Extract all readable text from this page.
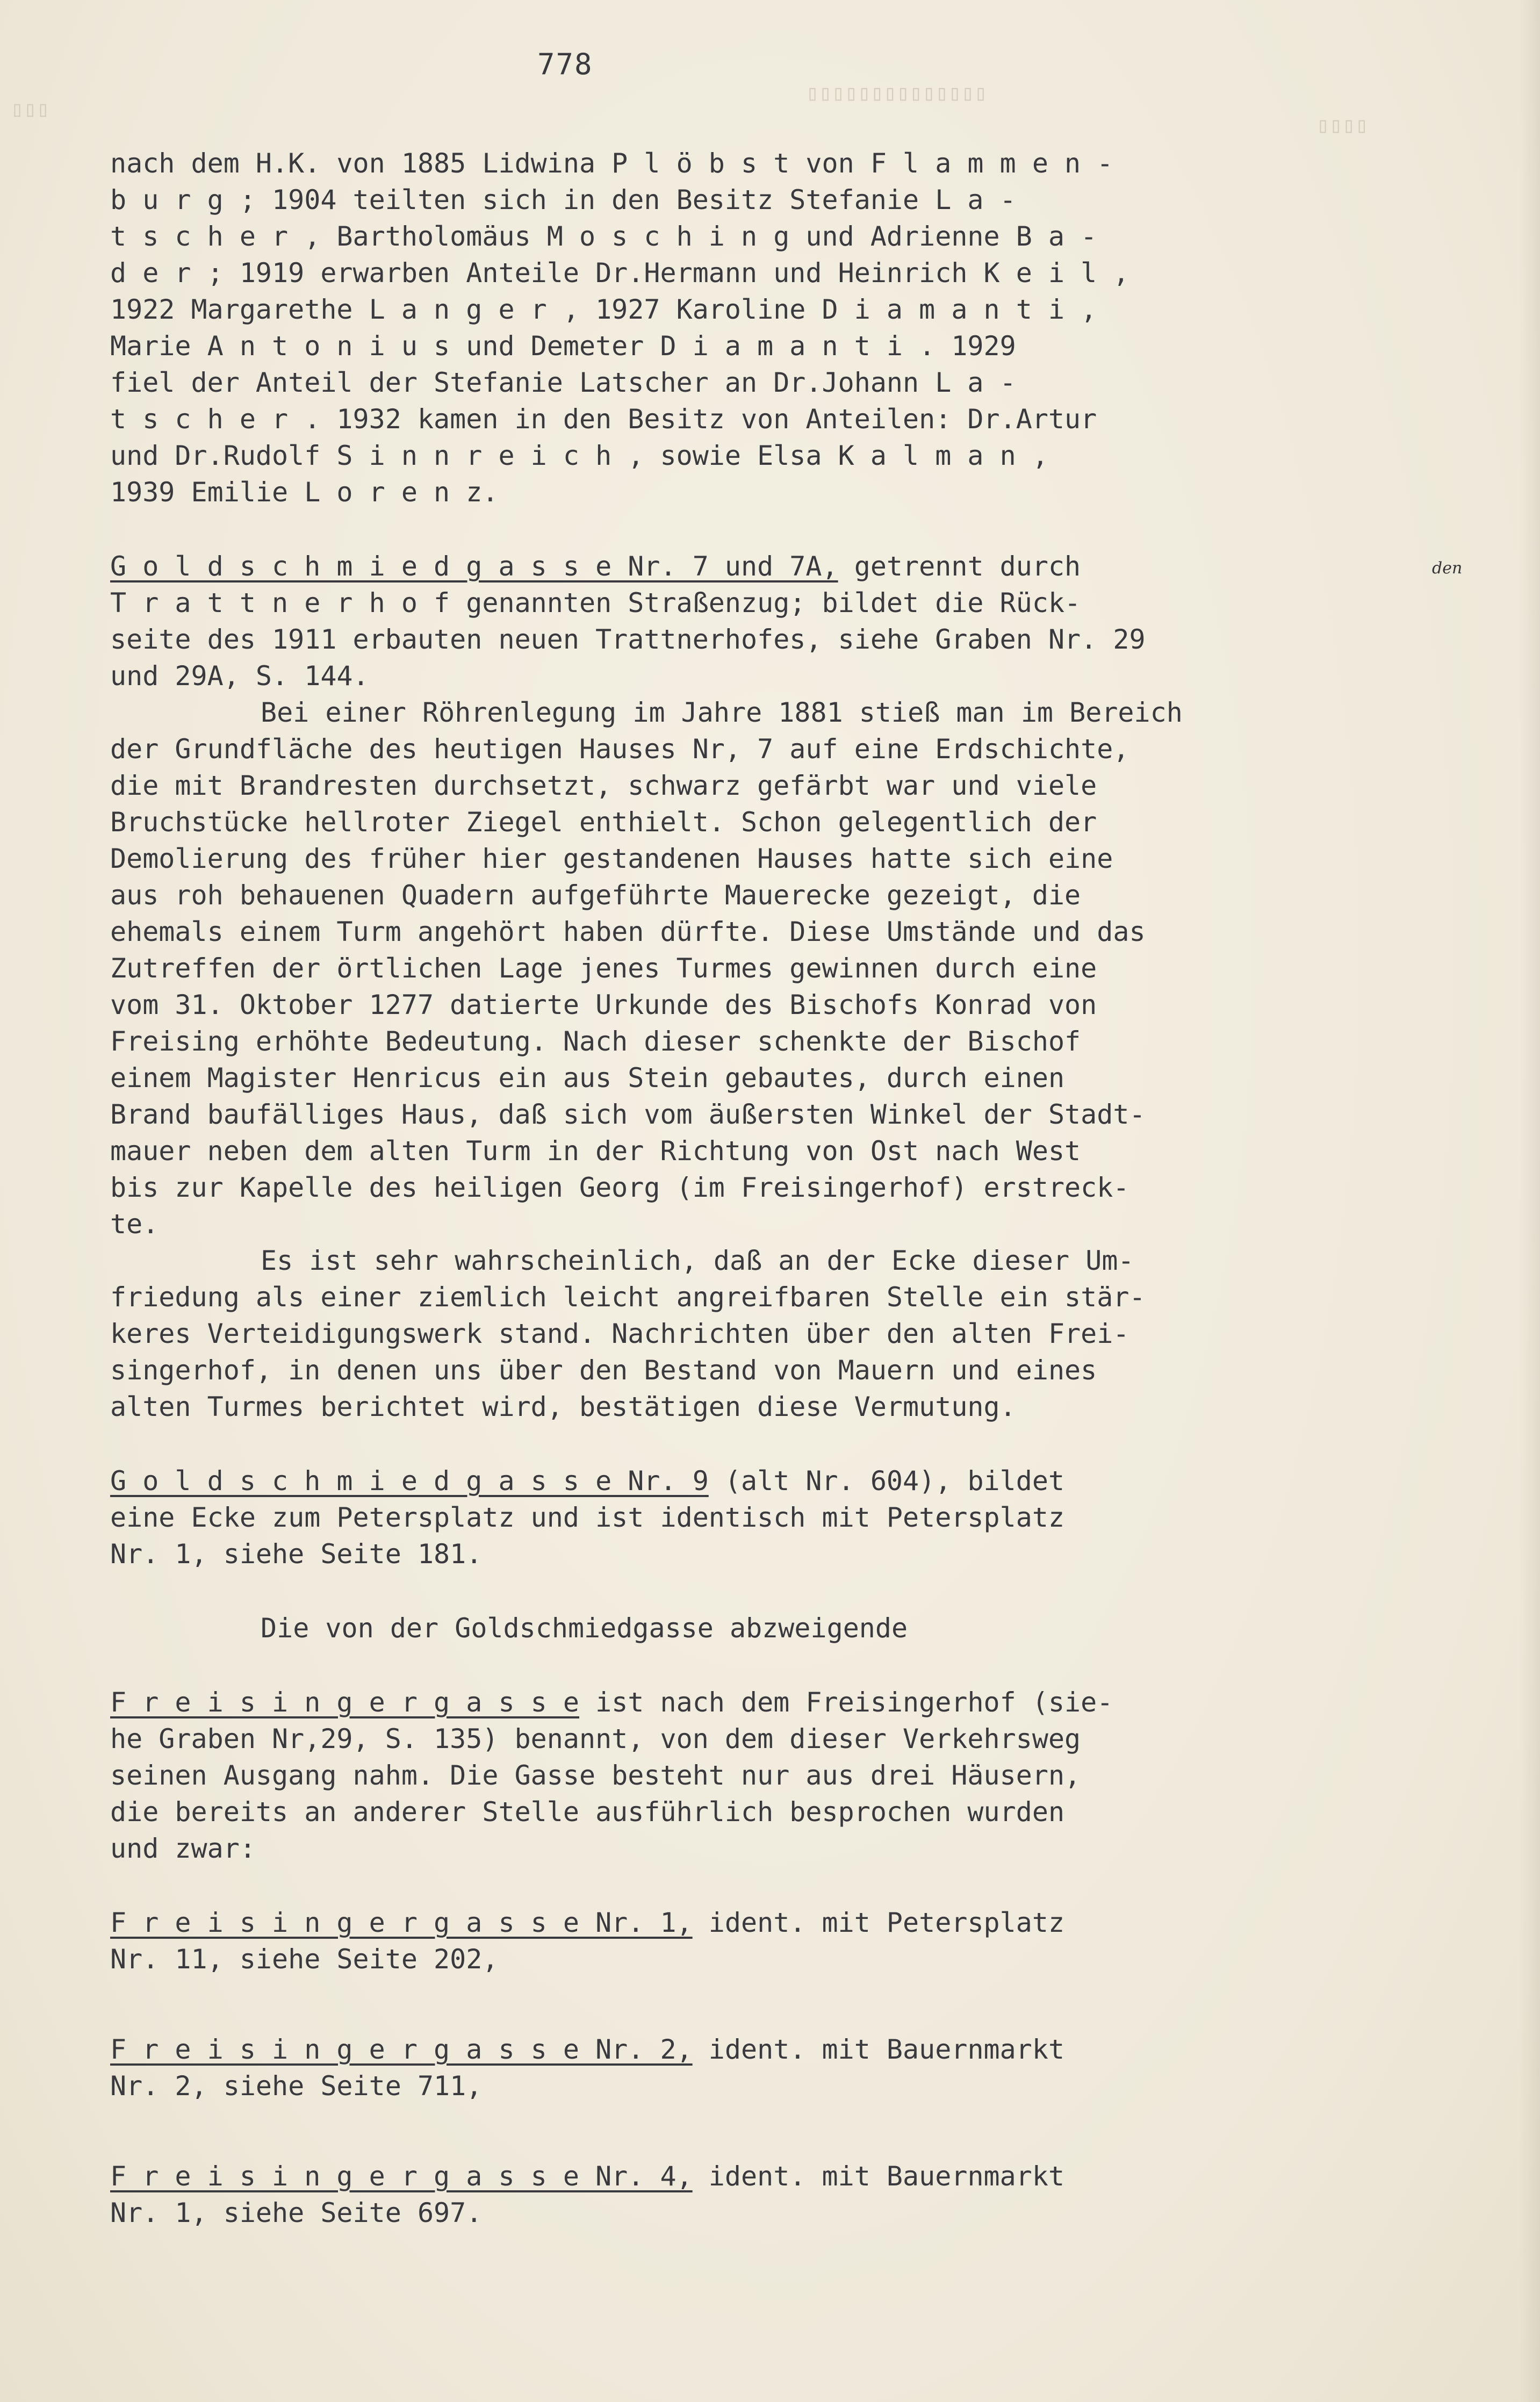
▯▯▯▯▯▯▯▯▯▯▯▯▯▯
▯▯▯
▯▯▯▯
778
nach dem H.K. von 1885 Lidwina P l ö b s t von F l a m m e n -
b u r g ; 1904 teilten sich in den Besitz Stefanie L a -
t s c h e r , Bartholomäus M o s c h i n g und Adrienne B a -
d e r ; 1919 erwarben Anteile Dr.Hermann und Heinrich K e i l ,
1922 Margarethe L a n g e r , 1927 Karoline D i a m a n t i ,
Marie A n t o n i u s und Demeter D i a m a n t i . 1929
fiel der Anteil der Stefanie Latscher an Dr.Johann L a -
t s c h e r . 1932 kamen in den Besitz von Anteilen: Dr.Artur
und Dr.Rudolf S i n n r e i c h , sowie Elsa K a l m a n ,
1939 Emilie L o r e n z.
G o l d s c h m i e d g a s s e Nr. 7 und 7A, getrennt durch
T r a t t n e r h o f genannten Straßenzug; bildet die Rück-
seite des 1911 erbauten neuen Trattnerhofes, siehe Graben Nr. 29
und 29A, S. 144.
Bei einer Röhrenlegung im Jahre 1881 stieß man im Bereich
der Grundfläche des heutigen Hauses Nr, 7 auf eine Erdschichte,
die mit Brandresten durchsetzt, schwarz gefärbt war und viele
Bruchstücke hellroter Ziegel enthielt. Schon gelegentlich der
Demolierung des früher hier gestandenen Hauses hatte sich eine
aus roh behauenen Quadern aufgeführte Mauerecke gezeigt, die
ehemals einem Turm angehört haben dürfte. Diese Umstände und das
Zutreffen der örtlichen Lage jenes Turmes gewinnen durch eine
vom 31. Oktober 1277 datierte Urkunde des Bischofs Konrad von
Freising erhöhte Bedeutung. Nach dieser schenkte der Bischof
einem Magister Henricus ein aus Stein gebautes, durch einen
Brand baufälliges Haus, daß sich vom äußersten Winkel der Stadt-
mauer neben dem alten Turm in der Richtung von Ost nach West
bis zur Kapelle des heiligen Georg (im Freisingerhof) erstreck-
te.
Es ist sehr wahrscheinlich, daß an der Ecke dieser Um-
friedung als einer ziemlich leicht angreifbaren Stelle ein stär-
keres Verteidigungswerk stand. Nachrichten über den alten Frei-
singerhof, in denen uns über den Bestand von Mauern und eines
alten Turmes berichtet wird, bestätigen diese Vermutung.
G o l d s c h m i e d g a s s e Nr. 9 (alt Nr. 604), bildet
eine Ecke zum Petersplatz und ist identisch mit Petersplatz
Nr. 1, siehe Seite 181.
Die von der Goldschmiedgasse abzweigende
F r e i s i n g e r g a s s e ist nach dem Freisingerhof (sie-
he Graben Nr,29, S. 135) benannt, von dem dieser Verkehrsweg
seinen Ausgang nahm. Die Gasse besteht nur aus drei Häusern,
die bereits an anderer Stelle ausführlich besprochen wurden
und zwar:
F r e i s i n g e r g a s s e Nr. 1, ident. mit Petersplatz
Nr. 11, siehe Seite 202,
F r e i s i n g e r g a s s e Nr. 2, ident. mit Bauernmarkt
Nr. 2, siehe Seite 711,
F r e i s i n g e r g a s s e Nr. 4, ident. mit Bauernmarkt
Nr. 1, siehe Seite 697.
den
